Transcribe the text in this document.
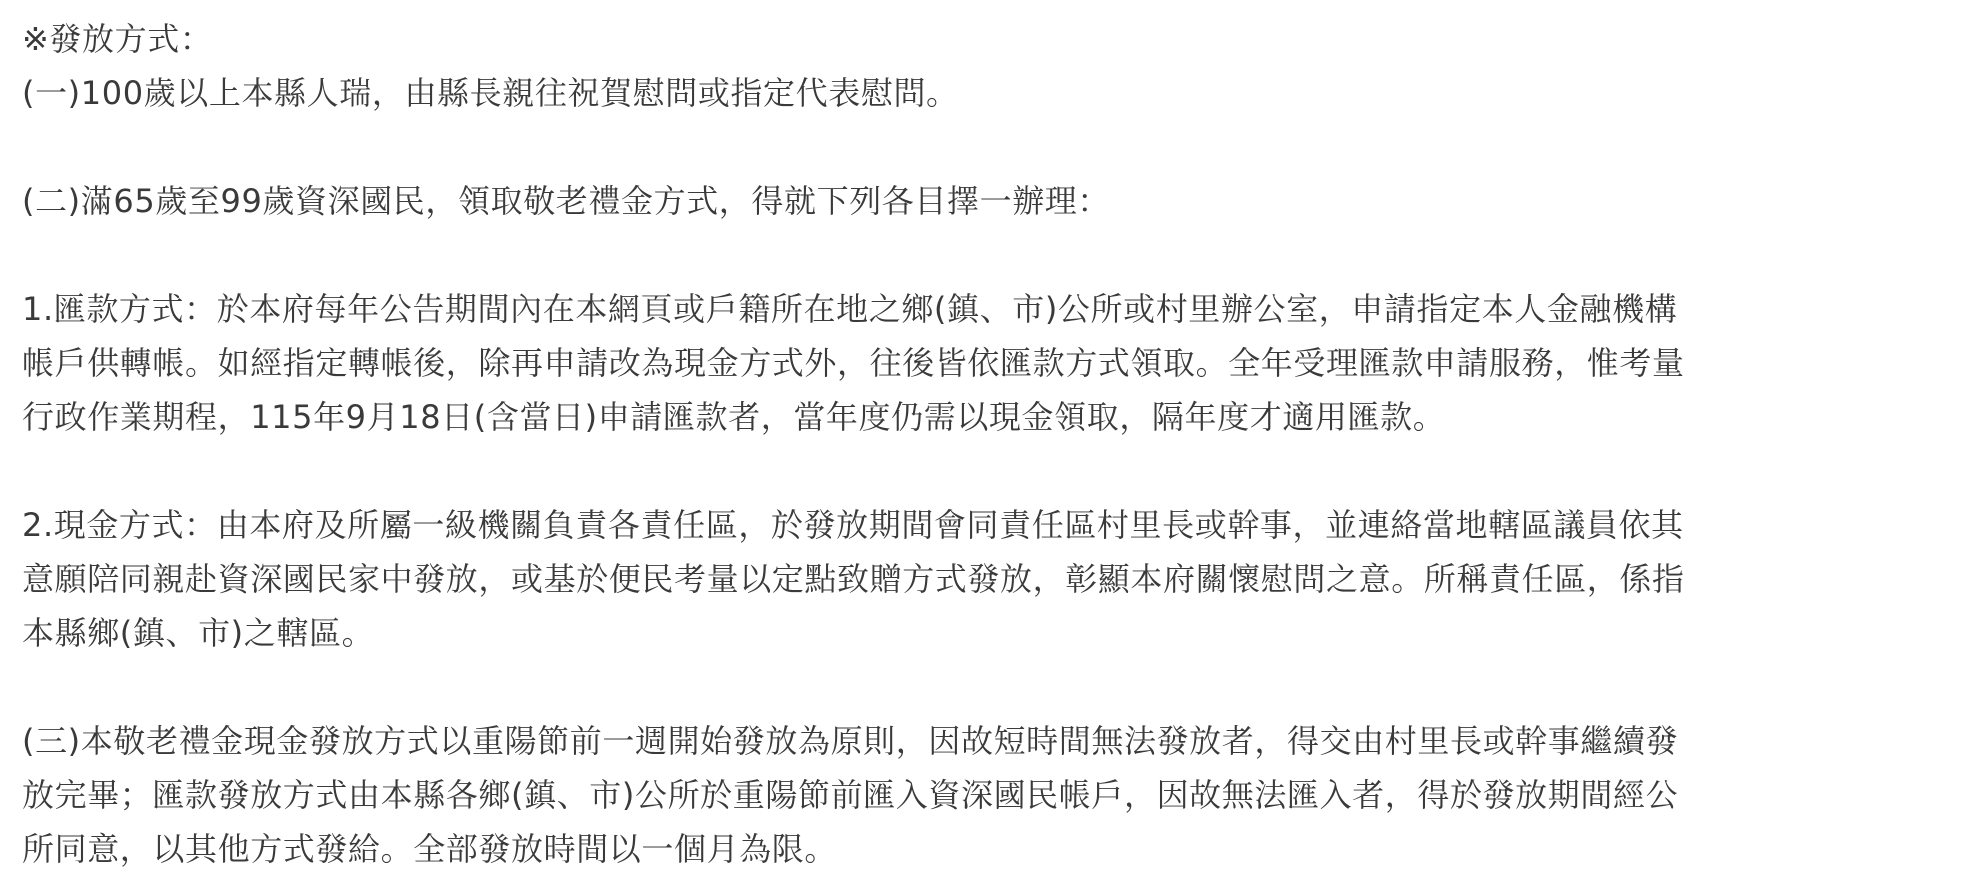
※發放方式：
(一)100歲以上本縣人瑞，由縣長親往祝賀慰問或指定代表慰問。
(二)滿65歲至99歲資深國民，領取敬老禮金方式，得就下列各目擇一辦理：
1.匯款方式：於本府每年公告期間內在本網頁或戶籍所在地之鄉(鎮、市)公所或村里辦公室，申請指定本人金融機構
帳戶供轉帳。如經指定轉帳後，除再申請改為現金方式外，往後皆依匯款方式領取。全年受理匯款申請服務，惟考量
行政作業期程，115年9月18日(含當日)申請匯款者，當年度仍需以現金領取，隔年度才適用匯款。
2.現金方式：由本府及所屬一級機關負責各責任區，於發放期間會同責任區村里長或幹事，並連絡當地轄區議員依其
意願陪同親赴資深國民家中發放，或基於便民考量以定點致贈方式發放，彰顯本府關懷慰問之意。所稱責任區，係指
本縣鄉(鎮、市)之轄區。
(三)本敬老禮金現金發放方式以重陽節前一週開始發放為原則，因故短時間無法發放者，得交由村里長或幹事繼續發
放完畢；匯款發放方式由本縣各鄉(鎮、市)公所於重陽節前匯入資深國民帳戶，因故無法匯入者，得於發放期間經公
所同意，以其他方式發給。全部發放時間以一個月為限。
